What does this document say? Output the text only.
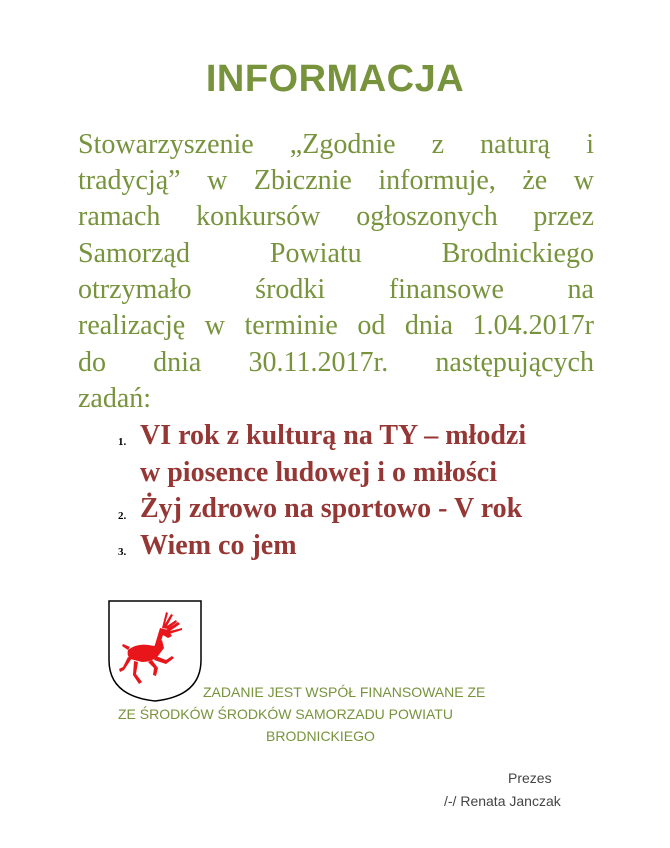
INFORMACJA
Stowarzyszenie „Zgodnie z naturą i
tradycją” w Zbicznie informuje, że w
ramach konkursów ogłoszonych przez
Samorząd	Powiatu	Brodnickiego
otrzymało środki finansowe na
realizację w terminie od dnia 1.04.2017r
do dnia 30.11.2017r. następujących
zadań:
1. VI rok z kulturą na TY – młodzi
w piosence ludowej i o miłości
2. Żyj zdrowo na sportowo - V rok
3. Wiem co jem
ZADANIE JEST WSPÓŁ FINANSOWANE ZE
ZE ŚRODKÓW ŚRODKÓW SAMORZADU POWIATU
BRODNICKIEGO
Prezes
/-/ Renata Janczak
